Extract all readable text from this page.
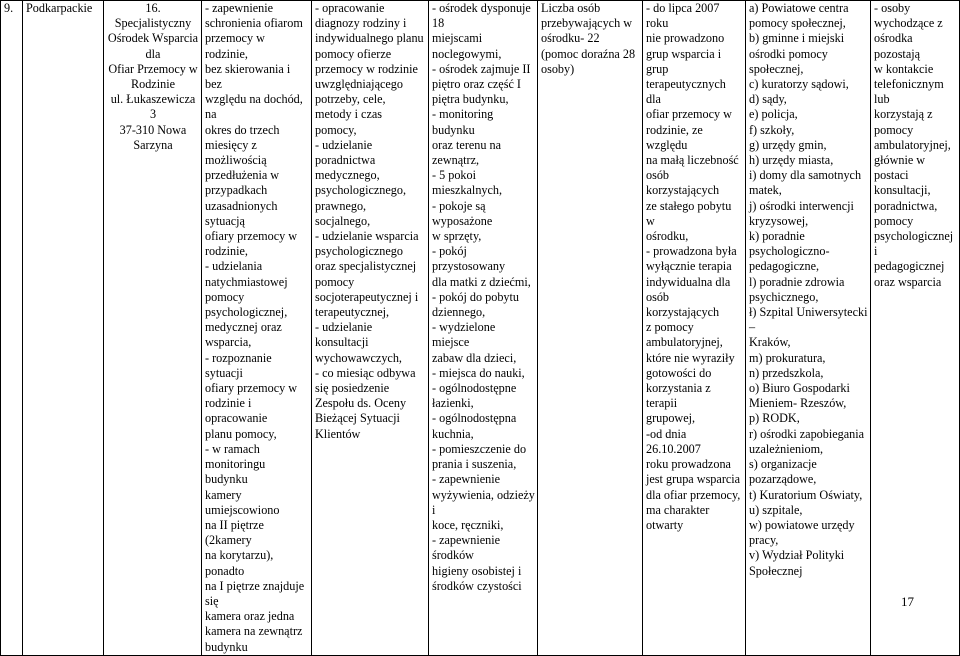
9.	Podkarpackie	16. Specjalistyczny
Ośrodek Wsparcia dla
Ofiar Przemocy w
Rodzinie
ul. Łukaszewicza 3
37-310 Nowa Sarzyna	- zapewnienie
schronienia ofiarom
przemocy w rodzinie,
bez skierowania i bez
względu na dochód, na
okres do trzech
miesięcy z możliwością
przedłużenia w
przypadkach
uzasadnionych sytuacją
ofiary przemocy w
rodzinie,
- udzielania
natychmiastowej
pomocy
psychologicznej,
medycznej oraz
wsparcia,
- rozpoznanie sytuacji
ofiary przemocy w
rodzinie i opracowanie
planu pomocy,
- w ramach
monitoringu budynku
kamery umiejscowiono
na II piętrze (2kamery
na korytarzu), ponadto
na I piętrze znajduje się
kamera oraz jedna
kamera na zewnątrz
budynku	- opracowanie
diagnozy rodziny i
indywidualnego planu
pomocy ofierze
przemocy w rodzinie
uwzględniającego
potrzeby, cele,
metody i czas
pomocy,
- udzielanie
poradnictwa
medycznego,
psychologicznego,
prawnego,
socjalnego,
- udzielanie wsparcia
psychologicznego
oraz specjalistycznej
pomocy
socjoterapeutycznej i
terapeutycznej,
- udzielanie
konsultacji
wychowawczych,
- co miesiąc odbywa
się posiedzenie
Zespołu ds. Oceny
Bieżącej Sytuacji
Klientów	- ośrodek dysponuje 18
miejscami
noclegowymi,
- ośrodek zajmuje II
piętro oraz część I
piętra budynku,
- monitoring budynku
oraz terenu na
zewnątrz,
- 5 pokoi mieszkalnych,
- pokoje są wyposażone
w sprzęty,
- pokój przystosowany
dla matki z dziećmi,
- pokój do pobytu
dziennego,
- wydzielone miejsce
zabaw dla dzieci,
- miejsca do nauki,
- ogólnodostępne
łazienki,
- ogólnodostępna
kuchnia,
- pomieszczenie do
prania i suszenia,
- zapewnienie
wyżywienia, odzieży i
koce, ręczniki,
- zapewnienie środków
higieny osobistej i
środków czystości	Liczba osób
przebywających w
ośrodku- 22
(pomoc doraźna 28
osoby)	- do lipca 2007 roku
nie prowadzono
grup wsparcia i grup
terapeutycznych dla
ofiar przemocy w
rodzinie, ze względu
na małą liczebność
osób korzystających
ze stałego pobytu w
ośrodku,
- prowadzona była
wyłącznie terapia
indywidualna dla
osób korzystających
z pomocy
ambulatoryjnej,
które nie wyraziły
gotowości do
korzystania z terapii
grupowej,
-od dnia 26.10.2007
roku prowadzona
jest grupa wsparcia
dla ofiar przemocy,
ma charakter
otwarty	a) Powiatowe centra
pomocy społecznej,
b) gminne i miejski
ośrodki pomocy
społecznej,
c) kuratorzy sądowi,
d) sądy,
e) policja,
f) szkoły,
g) urzędy gmin,
h) urzędy miasta,
i) domy dla samotnych
matek,
j) ośrodki interwencji
kryzysowej,
k) poradnie
psychologiczno-
pedagogiczne,
l) poradnie zdrowia
psychicznego,
ł) Szpital Uniwersytecki –
Kraków,
m) prokuratura,
n) przedszkola,
o) Biuro Gospodarki
Mieniem- Rzeszów,
p) RODK,
r) ośrodki zapobiegania
uzależnieniom,
s) organizacje
pozarządowe,
t) Kuratorium Oświaty,
u) szpitale,
w) powiatowe urzędy
pracy,
v) Wydział Polityki
Społecznej	- osoby
wychodzące z
ośrodka pozostają
w kontakcie
telefonicznym lub
korzystają z
pomocy
ambulatoryjnej,
głównie w postaci
konsultacji,
poradnictwa,
pomocy
psychologicznej i
pedagogicznej
oraz wsparcia
17
